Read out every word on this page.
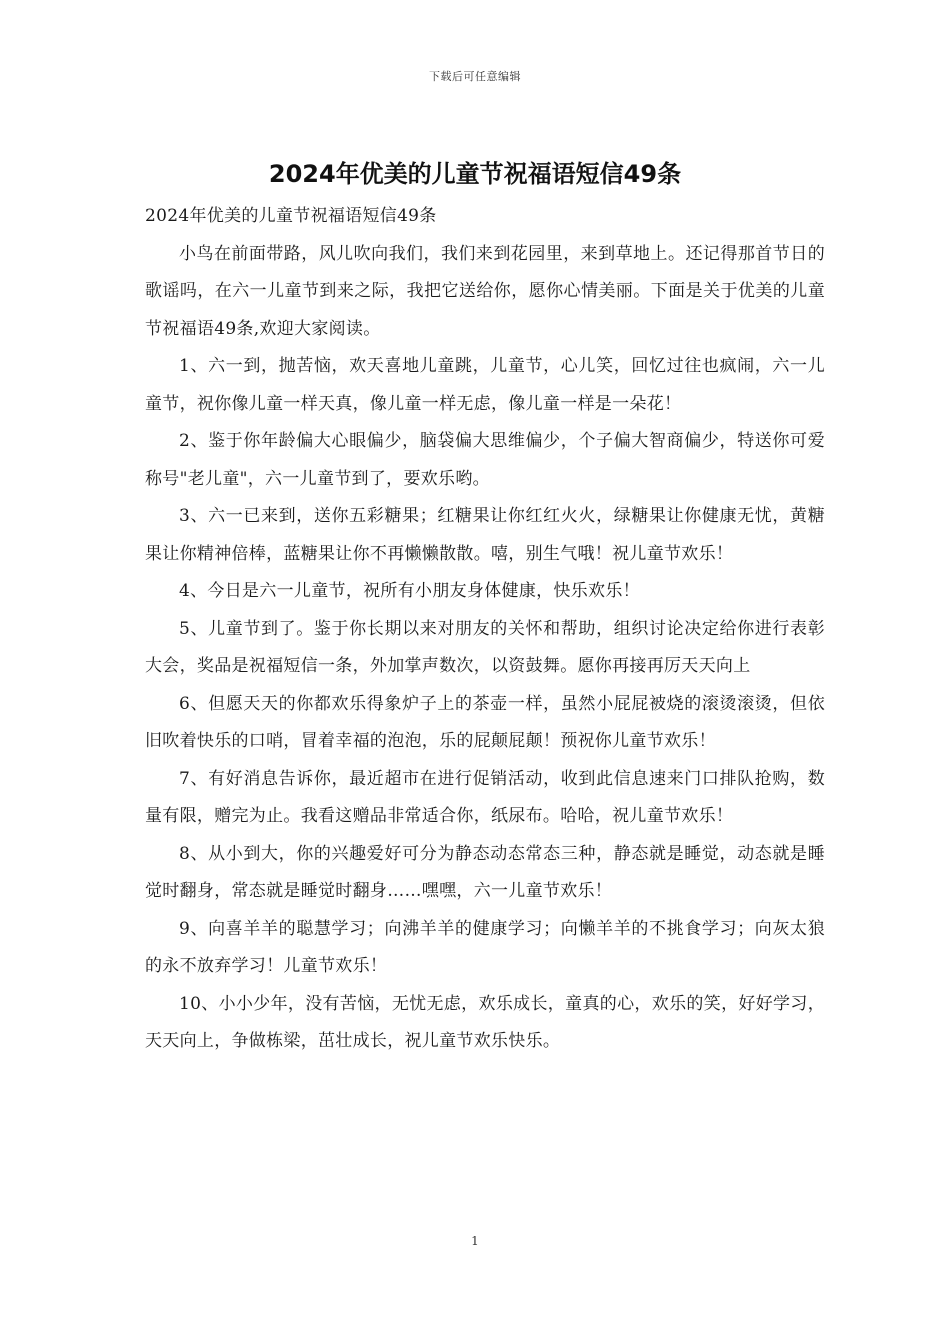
下载后可任意编辑
2024年优美的儿童节祝福语短信49条

2024年优美的儿童节祝福语短信49条

小鸟在前面带路，风儿吹向我们，我们来到花园里，来到草地上。还记得那首节日的歌谣吗，在六一儿童节到来之际，我把它送给你，愿你心情美丽。下面是关于优美的儿童节祝福语49条,欢迎大家阅读。

1、六一到，抛苦恼，欢天喜地儿童跳，儿童节，心儿笑，回忆过往也疯闹，六一儿童节，祝你像儿童一样天真，像儿童一样无虑，像儿童一样是一朵花！

2、鉴于你年龄偏大心眼偏少，脑袋偏大思维偏少，个子偏大智商偏少，特送你可爱称号"老儿童"，六一儿童节到了，要欢乐哟。

3、六一已来到，送你五彩糖果；红糖果让你红红火火，绿糖果让你健康无忧，黄糖果让你精神倍棒，蓝糖果让你不再懒懒散散。嘻，别生气哦！祝儿童节欢乐！

4、今日是六一儿童节，祝所有小朋友身体健康，快乐欢乐！

5、儿童节到了。鉴于你长期以来对朋友的关怀和帮助，组织讨论决定给你进行表彰大会，奖品是祝福短信一条，外加掌声数次，以资鼓舞。愿你再接再厉天天向上

6、但愿天天的你都欢乐得象炉子上的茶壶一样，虽然小屁屁被烧的滚烫滚烫，但依旧吹着快乐的口哨，冒着幸福的泡泡，乐的屁颠屁颠！预祝你儿童节欢乐！

7、有好消息告诉你，最近超市在进行促销活动，收到此信息速来门口排队抢购，数量有限，赠完为止。我看这赠品非常适合你，纸尿布。哈哈，祝儿童节欢乐！

8、从小到大，你的兴趣爱好可分为静态动态常态三种，静态就是睡觉，动态就是睡觉时翻身，常态就是睡觉时翻身……嘿嘿，六一儿童节欢乐！

9、向喜羊羊的聪慧学习；向沸羊羊的健康学习；向懒羊羊的不挑食学习；向灰太狼的永不放弃学习！儿童节欢乐！

10、小小少年，没有苦恼，无忧无虑，欢乐成长，童真的心，欢乐的笑，好好学习，天天向上，争做栋梁，茁壮成长，祝儿童节欢乐快乐。

1
